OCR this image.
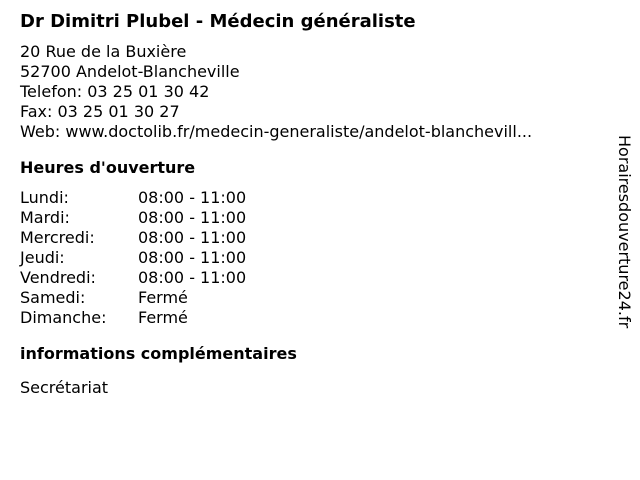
Dr Dimitri Plubel - Médecin généraliste
20 Rue de la Buxière
52700 Andelot-Blancheville
Telefon: 03 25 01 30 42
Fax: 03 25 01 30 27
Web: www.doctolib.fr/medecin-generaliste/andelot-blanchevill...
Heures d'ouverture
Lundi:	08:00 - 11:00
Mardi:	08:00 - 11:00
Mercredi:	08:00 - 11:00
Jeudi:	08:00 - 11:00
Vendredi:	08:00 - 11:00
Samedi:	Fermé
Dimanche:	Fermé
informations complémentaires
Secrétariat
Horairesdouverture24.fr
